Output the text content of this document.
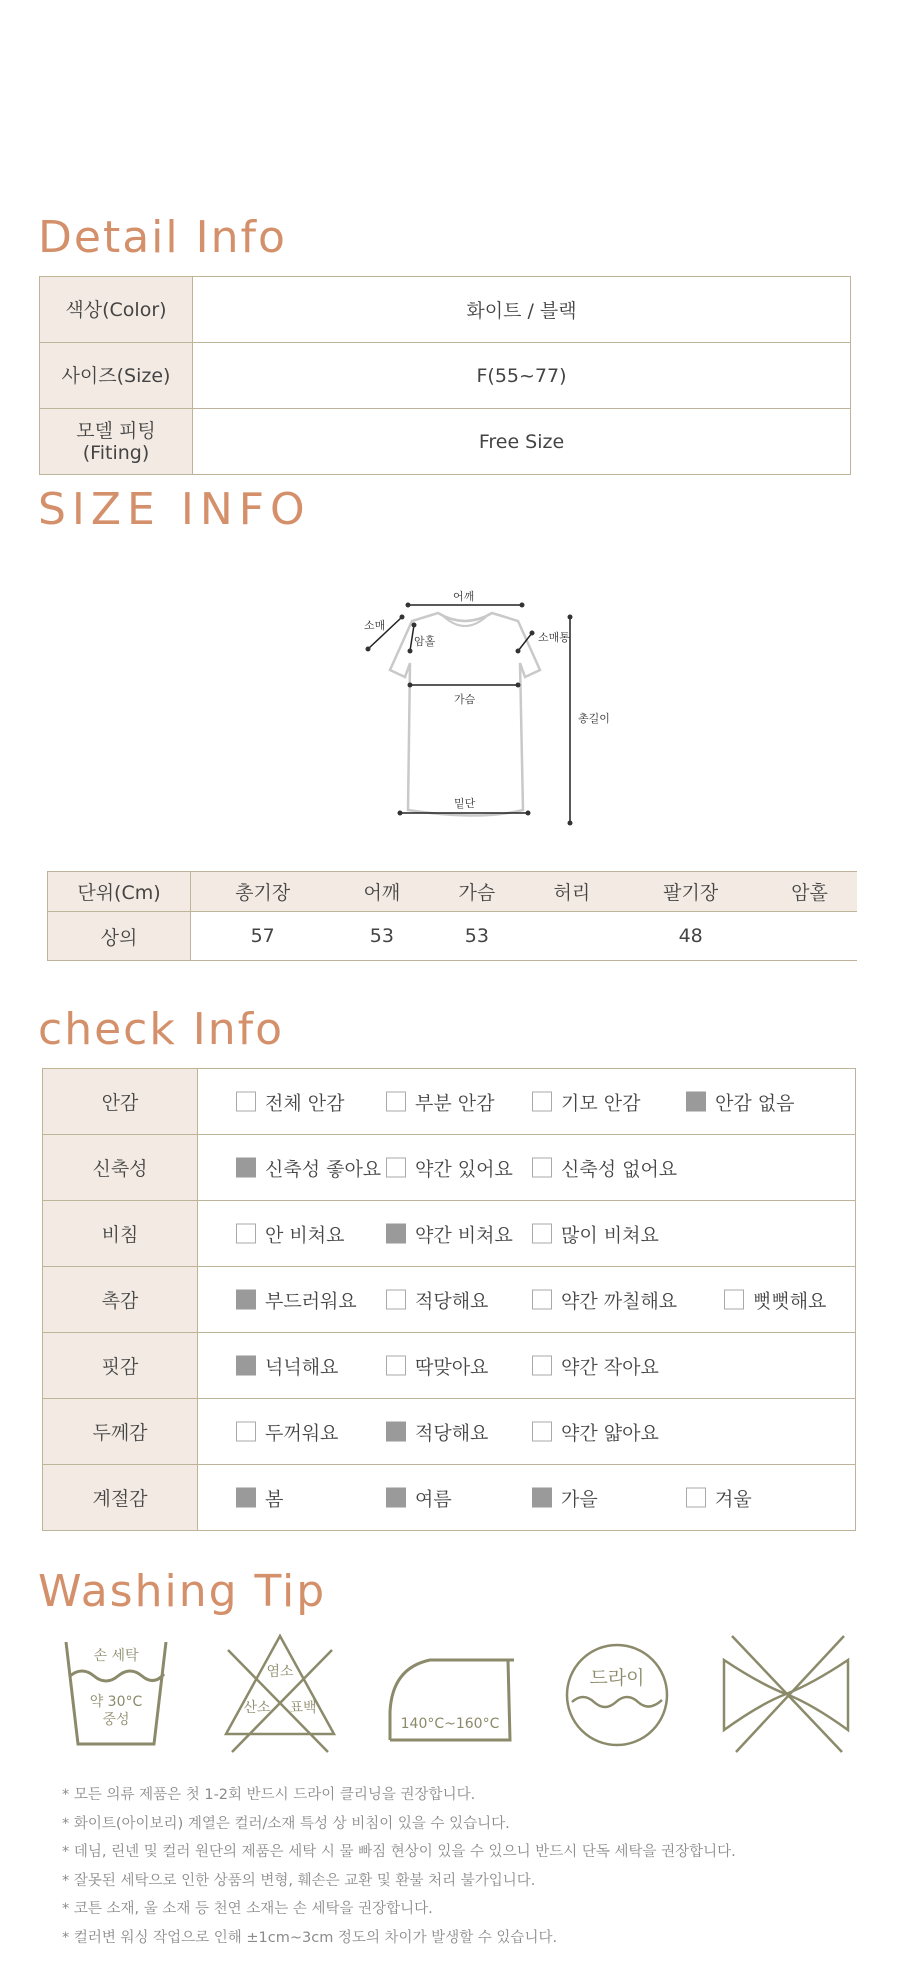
Detail Info
색상(Color)	화이트 / 블랙
사이즈(Size)	F(55~77)

모델 피팅
(Fiting)	Free Size
SIZE INFO
어깨
소매
암홀	소매통
가슴
총길이
밑단
단위(Cm)	총기장	어깨	가슴	허리	팔기장	암홀
상의	57	53	53		48	
check Info
안감	전체 안감 부분 안감 기모 안감 안감 없음

신축성	신축성 좋아요 약간 있어요 신축성 없어요

비침	안 비쳐요 약간 비쳐요 많이 비쳐요

촉감	부드러워요 적당해요 약간 까칠해요 뻣뻣해요

핏감	넉넉해요 딱맞아요 약간 작아요

두께감	두꺼워요 적당해요 약간 얇아요

계절감	봄 여름 가을 겨울
Washing Tip
손 세탁
약 30°C
중성
염소
산소 표백
140°C~160°C
드라이
* 모든 의류 제품은 첫 1-2회 반드시 드라이 클리닝을 권장합니다.
* 화이트(아이보리) 계열은 컬러/소재 특성 상 비침이 있을 수 있습니다.
* 데님, 린넨 및 컬러 원단의 제품은 세탁 시 물 빠짐 현상이 있을 수 있으니 반드시 단독 세탁을 권장합니다.
* 잘못된 세탁으로 인한 상품의 변형, 훼손은 교환 및 환불 처리 불가입니다.
* 코튼 소재, 울 소재 등 천연 소재는 손 세탁을 권장합니다.
* 컬러변 워싱 작업으로 인해 ±1cm~3cm 정도의 차이가 발생할 수 있습니다.
